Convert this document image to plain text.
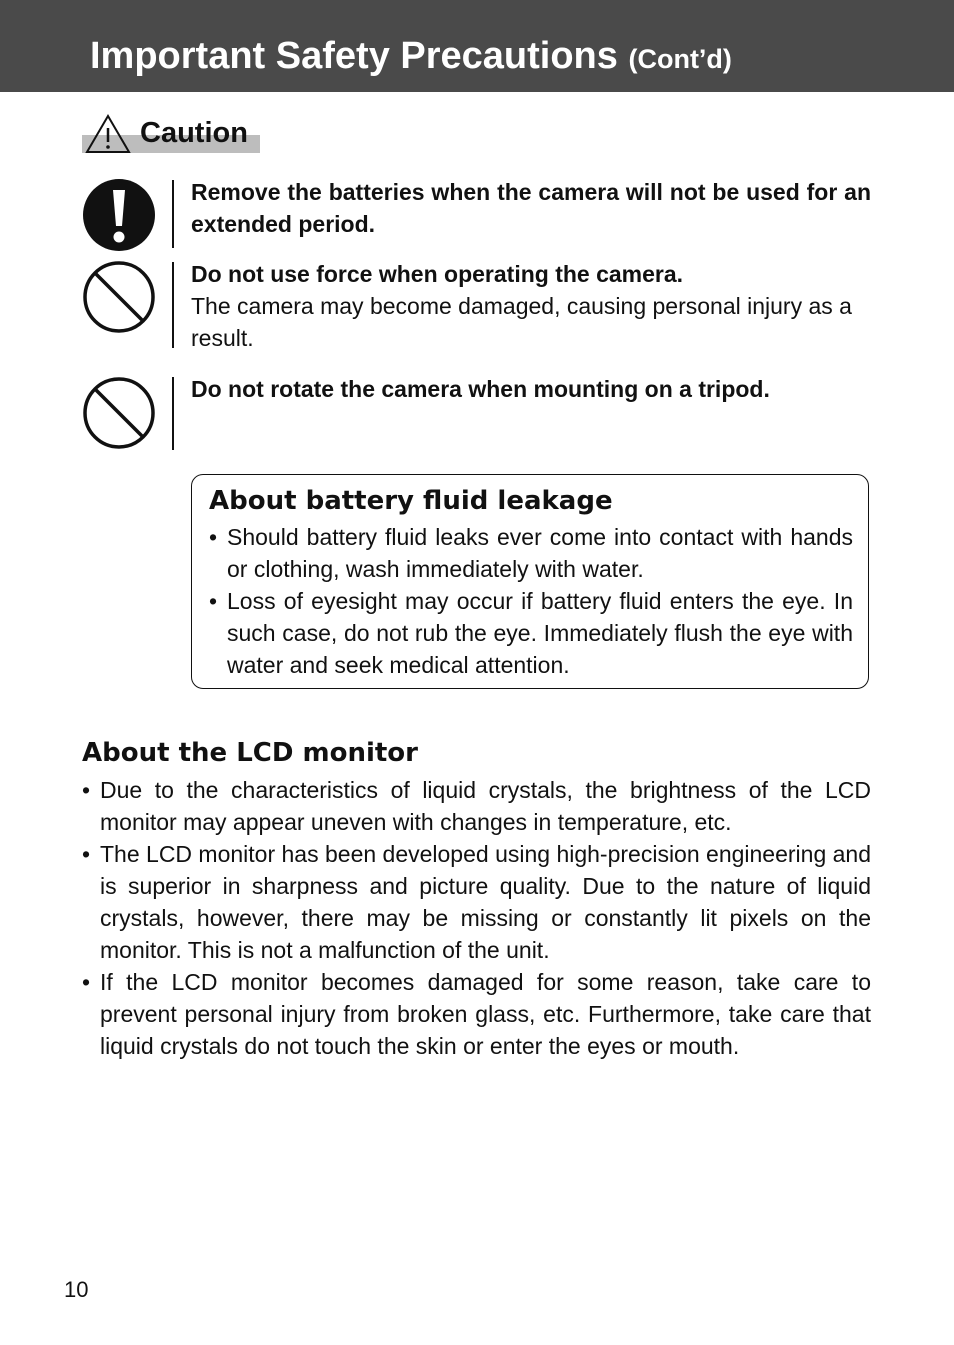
Important Safety Precautions (Cont’d)
Caution
Remove the batteries when the camera will not be used for an extended period.
Do not use force when operating the camera.
The camera may become damaged, causing personal injury as a result.
Do not rotate the camera when mounting on a tripod.
About battery fluid leakage
• Should battery fluid leaks ever come into contact with hands or clothing, wash immediately with water.
• Loss of eyesight may occur if battery fluid enters the eye. In such case, do not rub the eye. Immediately flush the eye with water and seek medical attention.
About the LCD monitor
• Due to the characteristics of liquid crystals, the brightness of the LCD monitor may appear uneven with changes in temperature, etc.
• The LCD monitor has been developed using high-precision engineering and is superior in sharpness and picture quality. Due to the nature of liquid crystals, however, there may be missing or constantly lit pixels on the monitor. This is not a malfunction of the unit.
• If the LCD monitor becomes damaged for some reason, take care to prevent personal injury from broken glass, etc. Furthermore, take care that liquid crystals do not touch the skin or enter the eyes or mouth.
10
